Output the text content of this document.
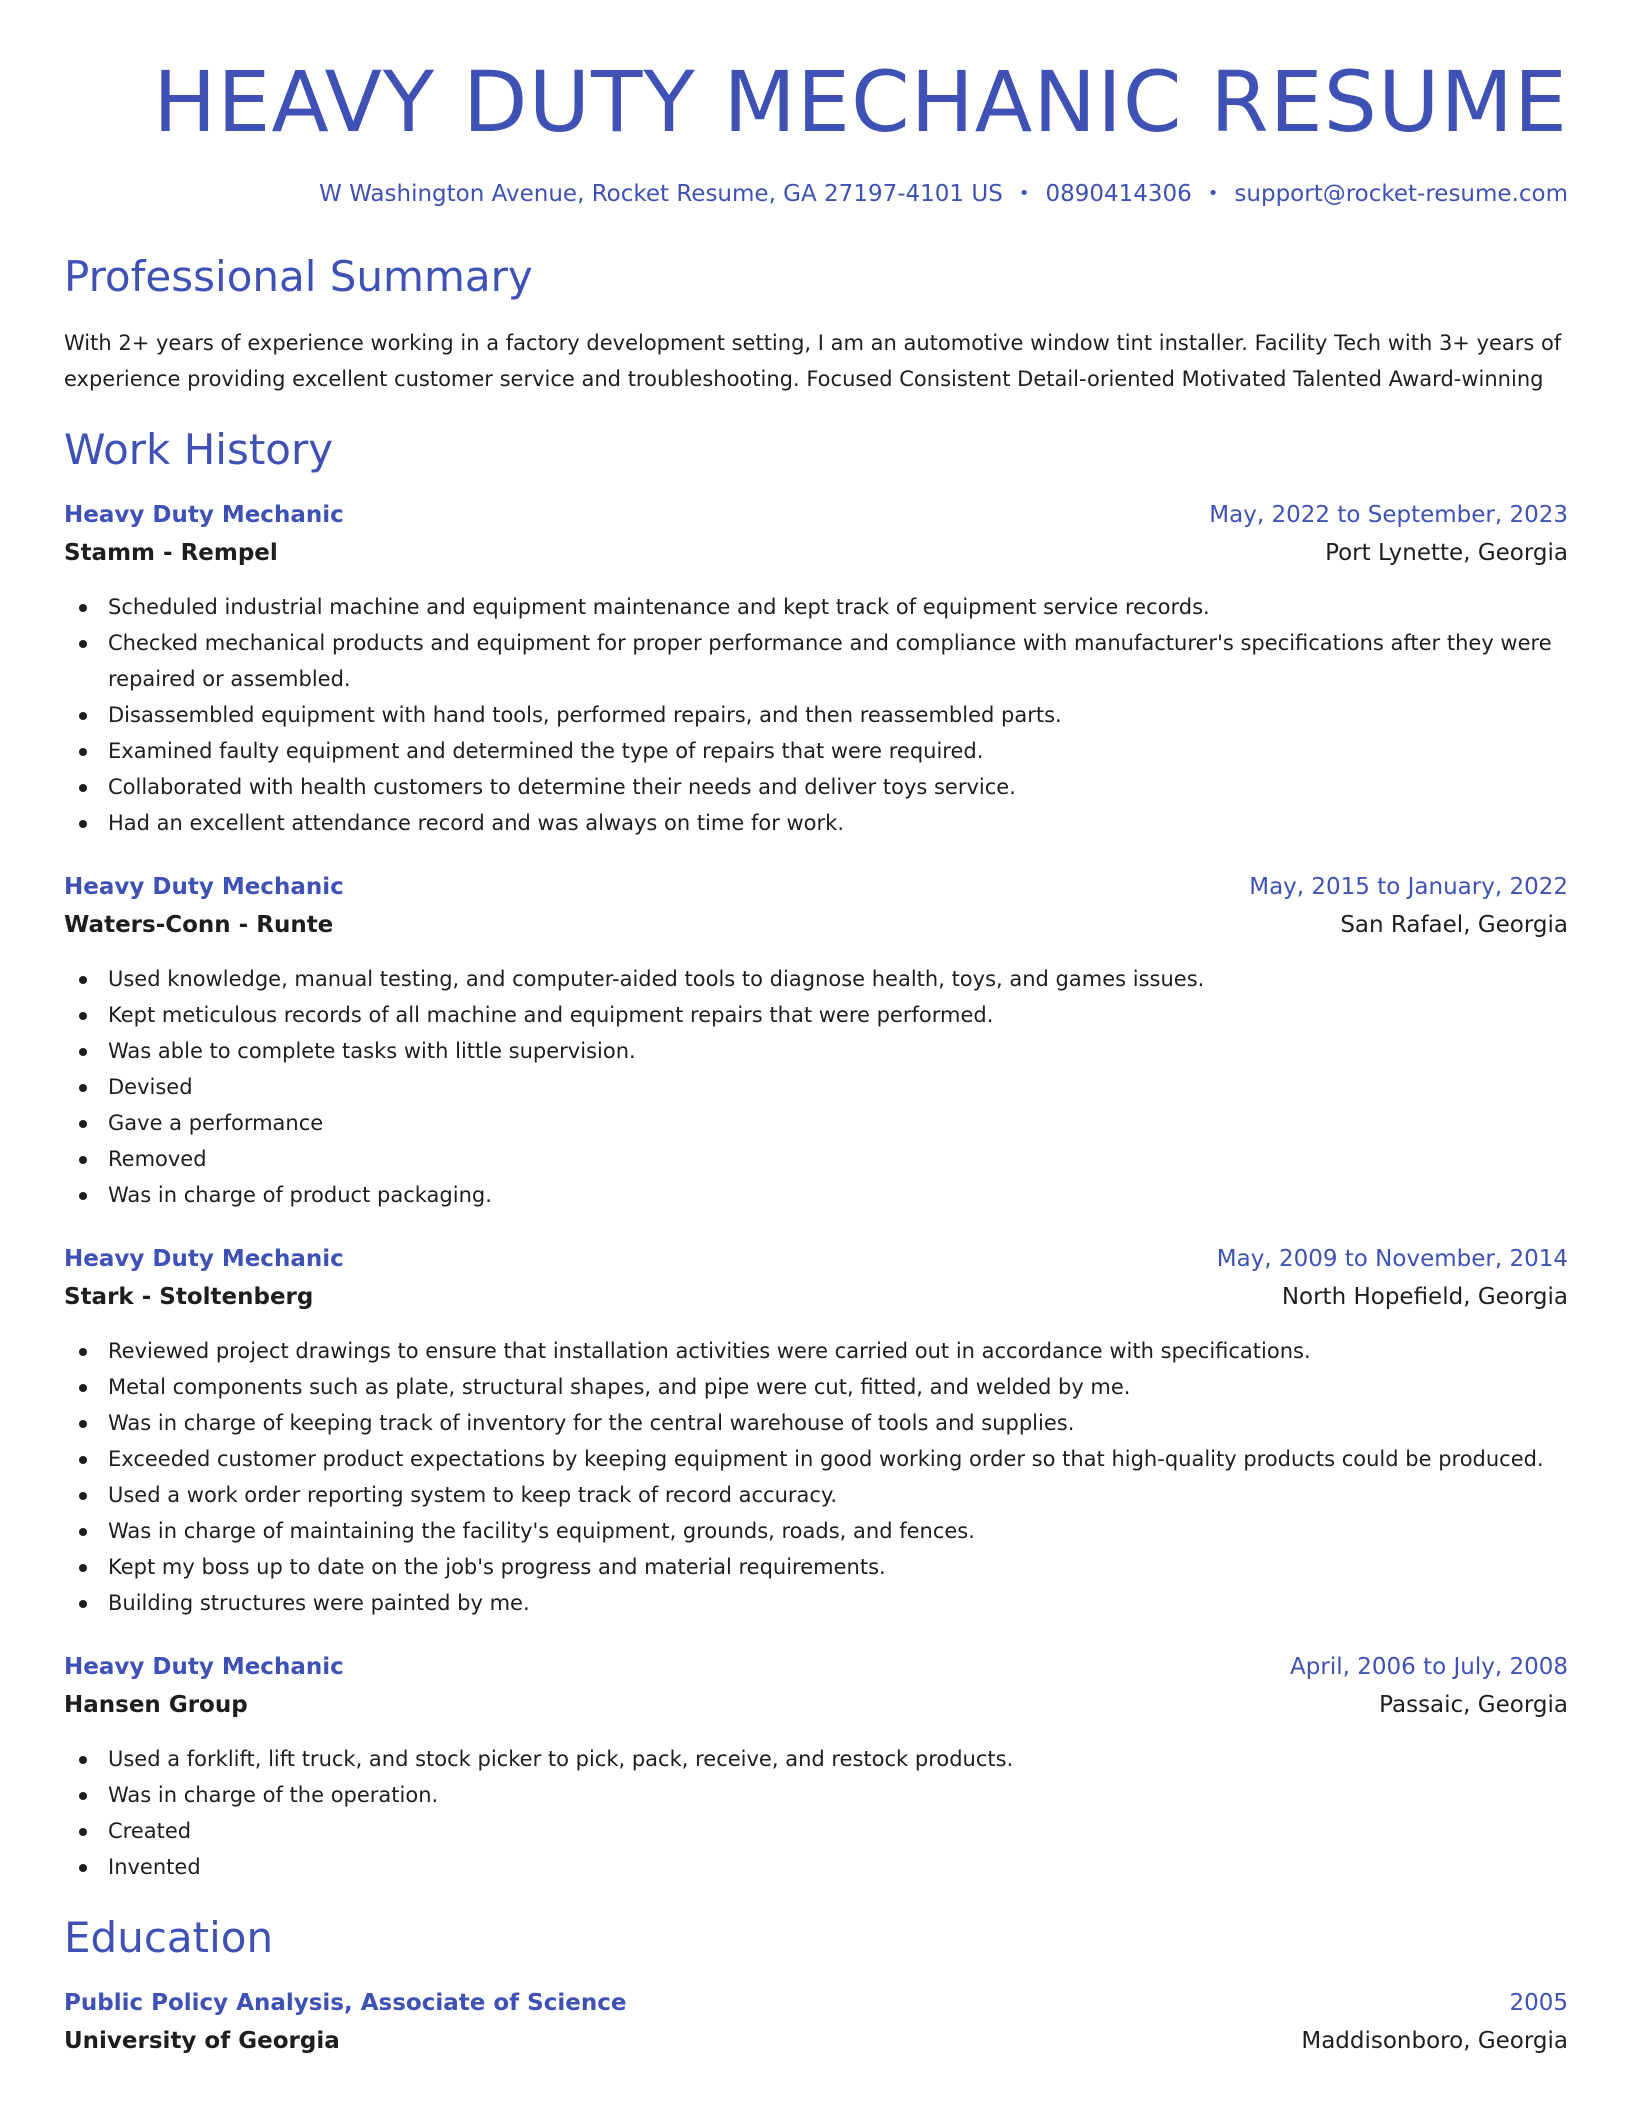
HEAVY DUTY MECHANIC RESUME
W Washington Avenue, Rocket Resume, GA 27197-4101 US • 0890414306 • support@rocket-resume.com
Professional Summary

With 2+ years of experience working in a factory development setting, I am an automotive window tint installer. Facility Tech with 3+ years of experience providing excellent customer service and troubleshooting. Focused Consistent Detail-oriented Motivated Talented Award-winning

Work History
Heavy Duty Mechanic	May, 2022 to September, 2023
Stamm - Rempel	Port Lynette, Georgia
Scheduled industrial machine and equipment maintenance and kept track of equipment service records.
Checked mechanical products and equipment for proper performance and compliance with manufacturer's specifications after they were repaired or assembled.
Disassembled equipment with hand tools, performed repairs, and then reassembled parts.
Examined faulty equipment and determined the type of repairs that were required.
Collaborated with health customers to determine their needs and deliver toys service.
Had an excellent attendance record and was always on time for work.
Heavy Duty Mechanic	May, 2015 to January, 2022
Waters-Conn - Runte	San Rafael, Georgia
Used knowledge, manual testing, and computer-aided tools to diagnose health, toys, and games issues.
Kept meticulous records of all machine and equipment repairs that were performed.
Was able to complete tasks with little supervision.
Devised
Gave a performance
Removed
Was in charge of product packaging.
Heavy Duty Mechanic	May, 2009 to November, 2014
Stark - Stoltenberg	North Hopefield, Georgia
Reviewed project drawings to ensure that installation activities were carried out in accordance with specifications.
Metal components such as plate, structural shapes, and pipe were cut, fitted, and welded by me.
Was in charge of keeping track of inventory for the central warehouse of tools and supplies.
Exceeded customer product expectations by keeping equipment in good working order so that high-quality products could be produced.
Used a work order reporting system to keep track of record accuracy.
Was in charge of maintaining the facility's equipment, grounds, roads, and fences.
Kept my boss up to date on the job's progress and material requirements.
Building structures were painted by me.
Heavy Duty Mechanic	April, 2006 to July, 2008
Hansen Group	Passaic, Georgia
Used a forklift, lift truck, and stock picker to pick, pack, receive, and restock products.
Was in charge of the operation.
Created
Invented
Education
Public Policy Analysis, Associate of Science	2005
University of Georgia	Maddisonboro, Georgia
